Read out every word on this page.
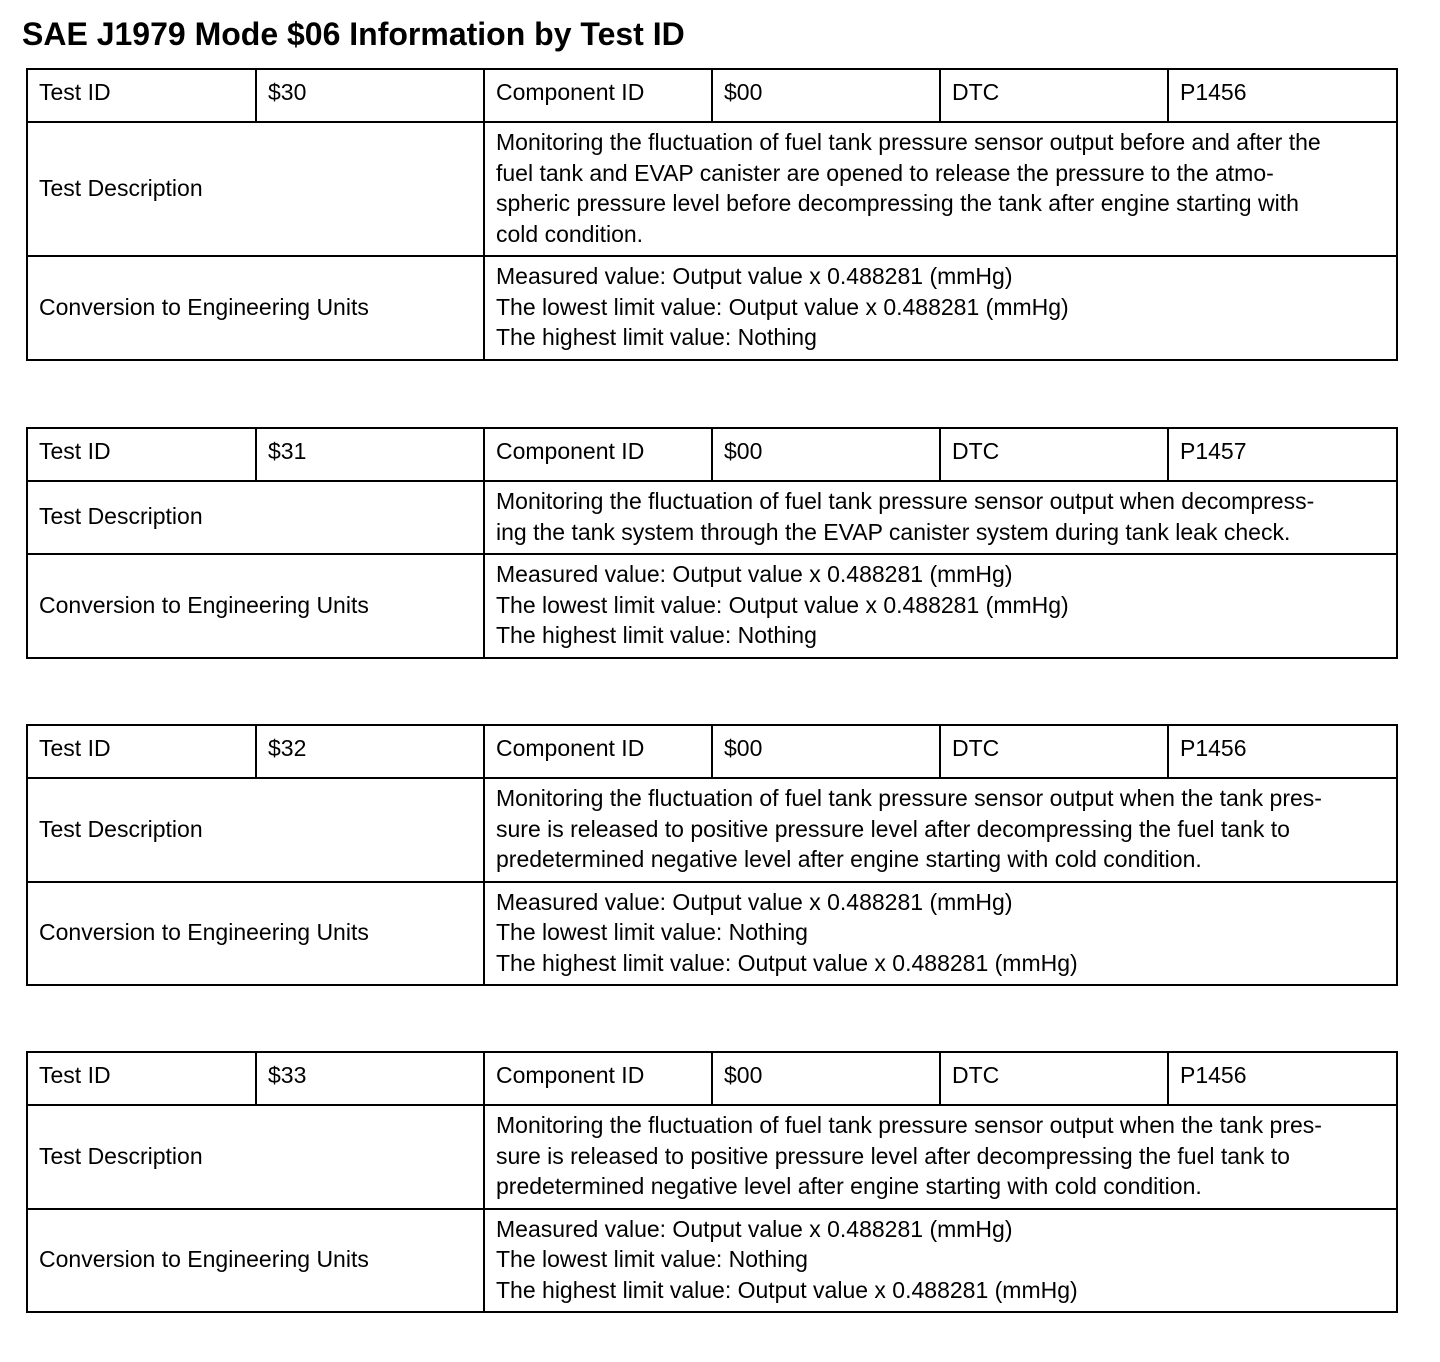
SAE J1979 Mode $06 Information by Test ID
Test ID	$30	Component ID	$00	DTC	P1456
Test Description		Monitoring the fluctuation of fuel tank pressure sensor output before and after the
fuel tank and EVAP canister are opened to release the pressure to the atmo-
spheric pressure level before decompressing the tank after engine starting with
cold condition.			

Conversion to Engineering Units		Measured value: Output value x 0.488281 (mmHg)
The lowest limit value: Output value x 0.488281 (mmHg)
The highest limit value: Nothing			
Test ID	$31	Component ID	$00	DTC	P1457
Test Description		Monitoring the fluctuation of fuel tank pressure sensor output when decompress-
ing the tank system through the EVAP canister system during tank leak check.			

Conversion to Engineering Units		Measured value: Output value x 0.488281 (mmHg)
The lowest limit value: Output value x 0.488281 (mmHg)
The highest limit value: Nothing			
Test ID	$32	Component ID	$00	DTC	P1456
Test Description		Monitoring the fluctuation of fuel tank pressure sensor output when the tank pres-
sure is released to positive pressure level after decompressing the fuel tank to
predetermined negative level after engine starting with cold condition.			

Conversion to Engineering Units		Measured value: Output value x 0.488281 (mmHg)
The lowest limit value: Nothing
The highest limit value: Output value x 0.488281 (mmHg)			
Test ID	$33	Component ID	$00	DTC	P1456
Test Description		Monitoring the fluctuation of fuel tank pressure sensor output when the tank pres-
sure is released to positive pressure level after decompressing the fuel tank to
predetermined negative level after engine starting with cold condition.			

Conversion to Engineering Units		Measured value: Output value x 0.488281 (mmHg)
The lowest limit value: Nothing
The highest limit value: Output value x 0.488281 (mmHg)			
